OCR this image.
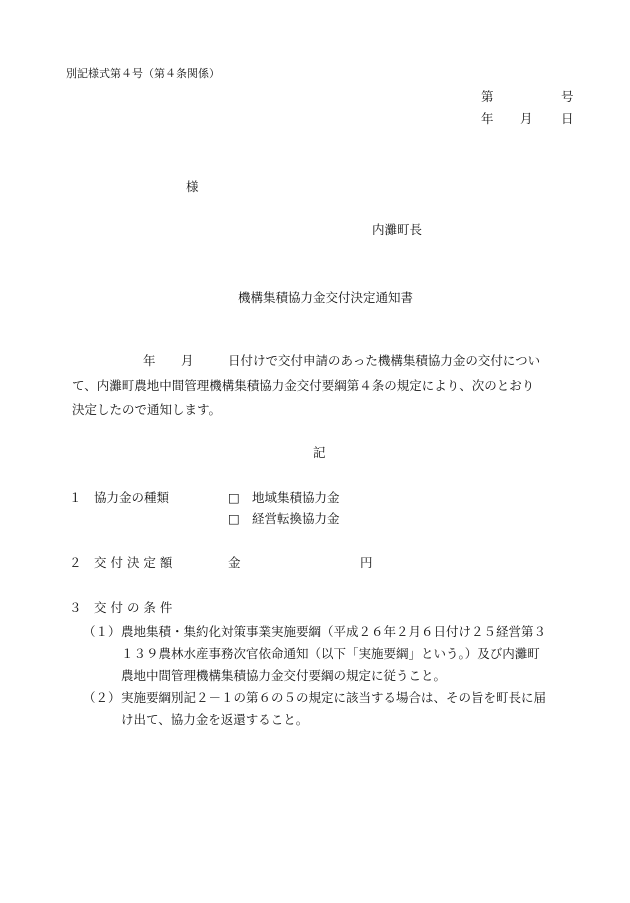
別記様式第４号（第４条関係）
第	号
年 月 日
様
内灘町長
機構集積協力金交付決定通知書
年 月	日付けで交付申請のあった機構集積協力金の交付につい
て、内灘町農地中間管理機構集積協力金交付要綱第４条の規定により、次のとおり
決定したので通知します。
記
１　協力金の種類	□ 地域集積協力金
□ 経営転換協力金
２　交 付 決 定 額	金	円
３　交 付 の 条 件
（１） 農地集積・集約化対策事業実施要綱（平成２６年２月６日付け２５経営第３
１３９農林水産事務次官依命通知（以下「実施要綱」という。）及び内灘町
農地中間管理機構集積協力金交付要綱の規定に従うこと。
（２） 実施要綱別記２－１の第６の５の規定に該当する場合は、その旨を町長に届
け出て、協力金を返還すること。
